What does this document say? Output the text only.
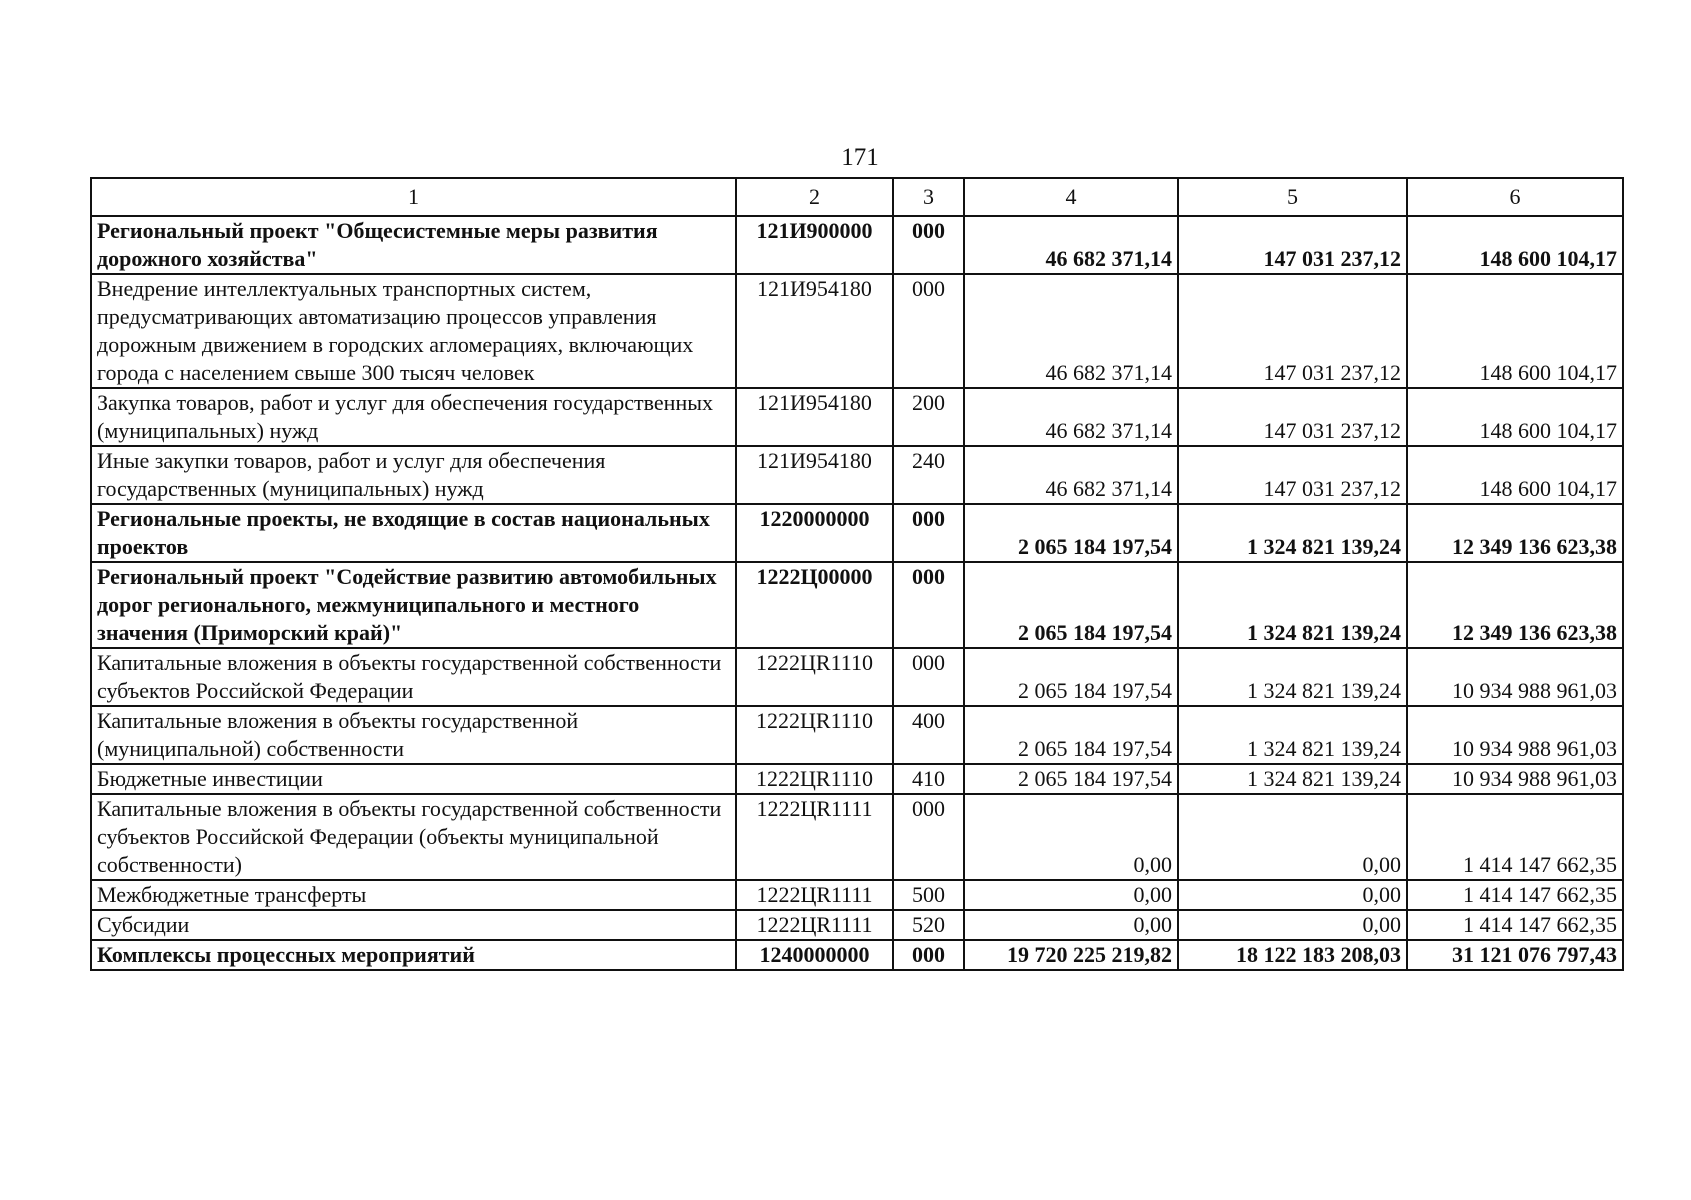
171
1	2	3	4	5	6
Региональный проект "Общесистемные меры развития дорожного хозяйства"	121И900000	000	46 682 371,14	147 031 237,12	148 600 104,17
Внедрение интеллектуальных транспортных систем, предусматривающих автоматизацию процессов управления дорожным движением в городских агломерациях, включающих города с населением свыше 300 тысяч человек	121И954180	000	46 682 371,14	147 031 237,12	148 600 104,17
Закупка товаров, работ и услуг для обеспечения государственных (муниципальных) нужд	121И954180	200	46 682 371,14	147 031 237,12	148 600 104,17
Иные закупки товаров, работ и услуг для обеспечения государственных (муниципальных) нужд	121И954180	240	46 682 371,14	147 031 237,12	148 600 104,17
Региональные проекты, не входящие в состав национальных проектов	1220000000	000	2 065 184 197,54	1 324 821 139,24	12 349 136 623,38
Региональный проект "Содействие развитию автомобильных дорог регионального, межмуниципального и местного значения (Приморский край)"	1222Ц00000	000	2 065 184 197,54	1 324 821 139,24	12 349 136 623,38
Капитальные вложения в объекты государственной собственности субъектов Российской Федерации	1222ЦR1110	000	2 065 184 197,54	1 324 821 139,24	10 934 988 961,03
Капитальные вложения в объекты государственной (муниципальной) собственности	1222ЦR1110	400	2 065 184 197,54	1 324 821 139,24	10 934 988 961,03
Бюджетные инвестиции	1222ЦR1110	410	2 065 184 197,54	1 324 821 139,24	10 934 988 961,03
Капитальные вложения в объекты государственной собственности субъектов Российской Федерации (объекты муниципальной собственности)	1222ЦR1111	000	0,00	0,00	1 414 147 662,35
Межбюджетные трансферты	1222ЦR1111	500	0,00	0,00	1 414 147 662,35
Субсидии	1222ЦR1111	520	0,00	0,00	1 414 147 662,35
Комплексы процессных мероприятий	1240000000	000	19 720 225 219,82	18 122 183 208,03	31 121 076 797,43
